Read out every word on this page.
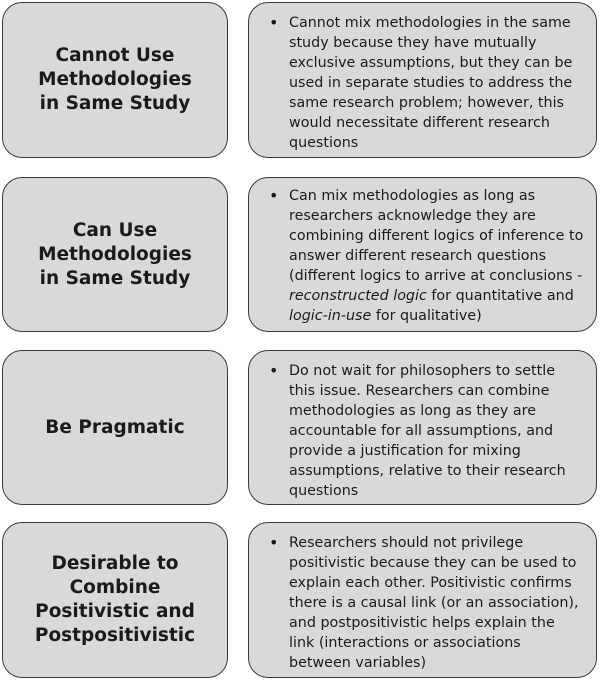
Cannot Use
Methodologies
in Same Study
• Cannot mix methodologies in the same study because they have mutually exclusive assumptions, but they can be used in separate studies to address the same research problem; however, this would necessitate different research questions
Can Use
Methodologies
in Same Study
• Can mix methodologies as long as researchers acknowledge they are combining different logics of inference to answer different research questions (different logics to arrive at conclusions - reconstructed logic for quantitative and logic-in-use for qualitative)
Be Pragmatic
• Do not wait for philosophers to settle this issue. Researchers can combine methodologies as long as they are accountable for all assumptions, and provide a justification for mixing assumptions, relative to their research questions
Desirable to
Combine
Positivistic and
Postpositivistic
• Researchers should not privilege positivistic because they can be used to explain each other. Positivistic confirms there is a causal link (or an association), and postpositivistic helps explain the link (interactions or associations between variables)
